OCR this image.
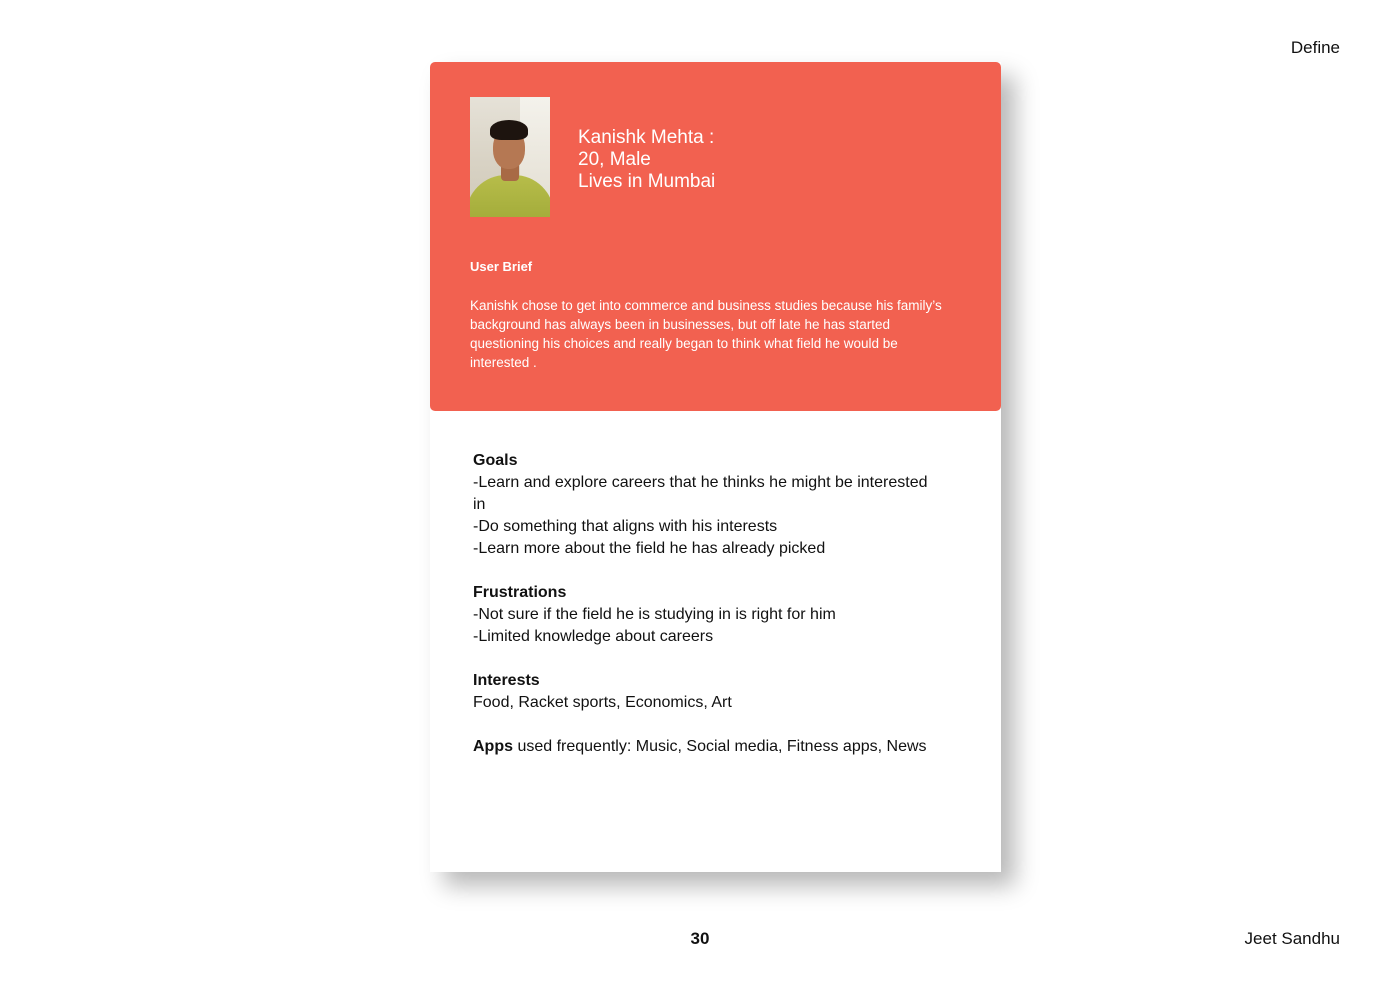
Define
Kanishk Mehta :
20, Male
Lives in Mumbai
User Brief
Kanishk chose to get into commerce and business studies because his family’s background has always been in businesses, but off late he has started questioning his choices and really began to think what field he would be interested .
Goals
-Learn and explore careers that he thinks he might be interested in
-Do something that aligns with his interests
-Learn more about the field he has already picked
Frustrations
-Not sure if the field he is studying in is right for him
-Limited knowledge about careers
Interests
Food, Racket sports, Economics, Art
Apps used frequently: Music, Social media, Fitness apps, News
30	Jeet Sandhu
